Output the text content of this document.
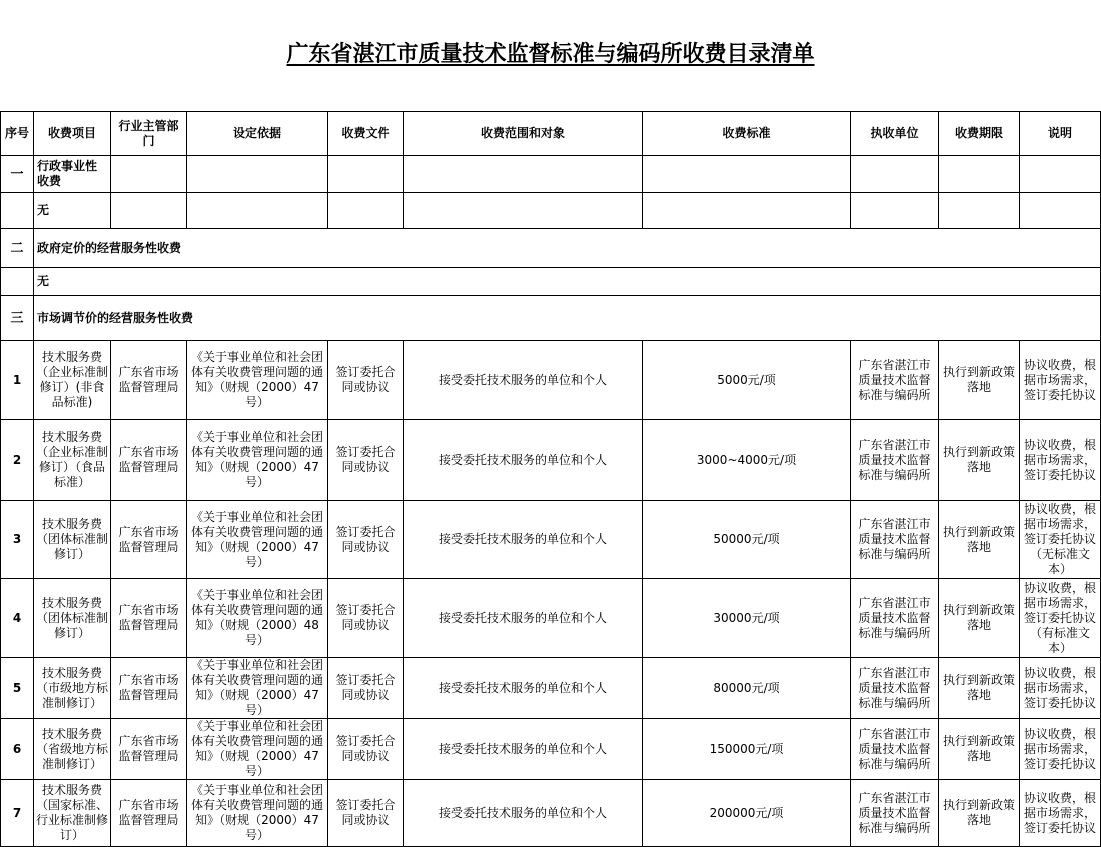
广东省湛江市质量技术监督标准与编码所收费目录清单
序号	收费项目	行业主管部门	设定依据	收费文件	收费范围和对象	收费标准	执收单位	收费期限	说明
一	行政事业性收费								
	无								
二	政府定价的经营服务性收费								
	无								
三	市场调节价的经营服务性收费								
1	技术服务费（企业标准制修订）(非食品标准)	广东省市场监督管理局	《关于事业单位和社会团体有关收费管理问题的通知》（财规（2000）47号）	签订委托合同或协议	接受委托技术服务的单位和个人	5000元/项	广东省湛江市质量技术监督标准与编码所	执行到新政策落地	协议收费，根据市场需求，签订委托协议
2	技术服务费（企业标准制修订）（食品标准）	广东省市场监督管理局	《关于事业单位和社会团体有关收费管理问题的通知》（财规（2000）47号）	签订委托合同或协议	接受委托技术服务的单位和个人	3000~4000元/项	广东省湛江市质量技术监督标准与编码所	执行到新政策落地	协议收费，根据市场需求，签订委托协议
3	技术服务费（团体标准制修订）	广东省市场监督管理局	《关于事业单位和社会团体有关收费管理问题的通知》（财规（2000）47号）	签订委托合同或协议	接受委托技术服务的单位和个人	50000元/项	广东省湛江市质量技术监督标准与编码所	执行到新政策落地	协议收费，根据市场需求，签订委托协议（无标准文本）
4	技术服务费（团体标准制修订）	广东省市场监督管理局	《关于事业单位和社会团体有关收费管理问题的通知》（财规（2000）48号）	签订委托合同或协议	接受委托技术服务的单位和个人	30000元/项	广东省湛江市质量技术监督标准与编码所	执行到新政策落地	协议收费，根据市场需求，签订委托协议（有标准文本）
5	技术服务费（市级地方标准制修订）	广东省市场监督管理局	《关于事业单位和社会团体有关收费管理问题的通知》（财规（2000）47号）	签订委托合同或协议	接受委托技术服务的单位和个人	80000元/项	广东省湛江市质量技术监督标准与编码所	执行到新政策落地	协议收费，根据市场需求，签订委托协议
6	技术服务费（省级地方标准制修订）	广东省市场监督管理局	《关于事业单位和社会团体有关收费管理问题的通知》（财规（2000）47号）	签订委托合同或协议	接受委托技术服务的单位和个人	150000元/项	广东省湛江市质量技术监督标准与编码所	执行到新政策落地	协议收费，根据市场需求，签订委托协议
7	技术服务费（国家标准、行业标准制修订）	广东省市场监督管理局	《关于事业单位和社会团体有关收费管理问题的通知》（财规（2000）47号）	签订委托合同或协议	接受委托技术服务的单位和个人	200000元/项	广东省湛江市质量技术监督标准与编码所	执行到新政策落地	协议收费，根据市场需求，签订委托协议
